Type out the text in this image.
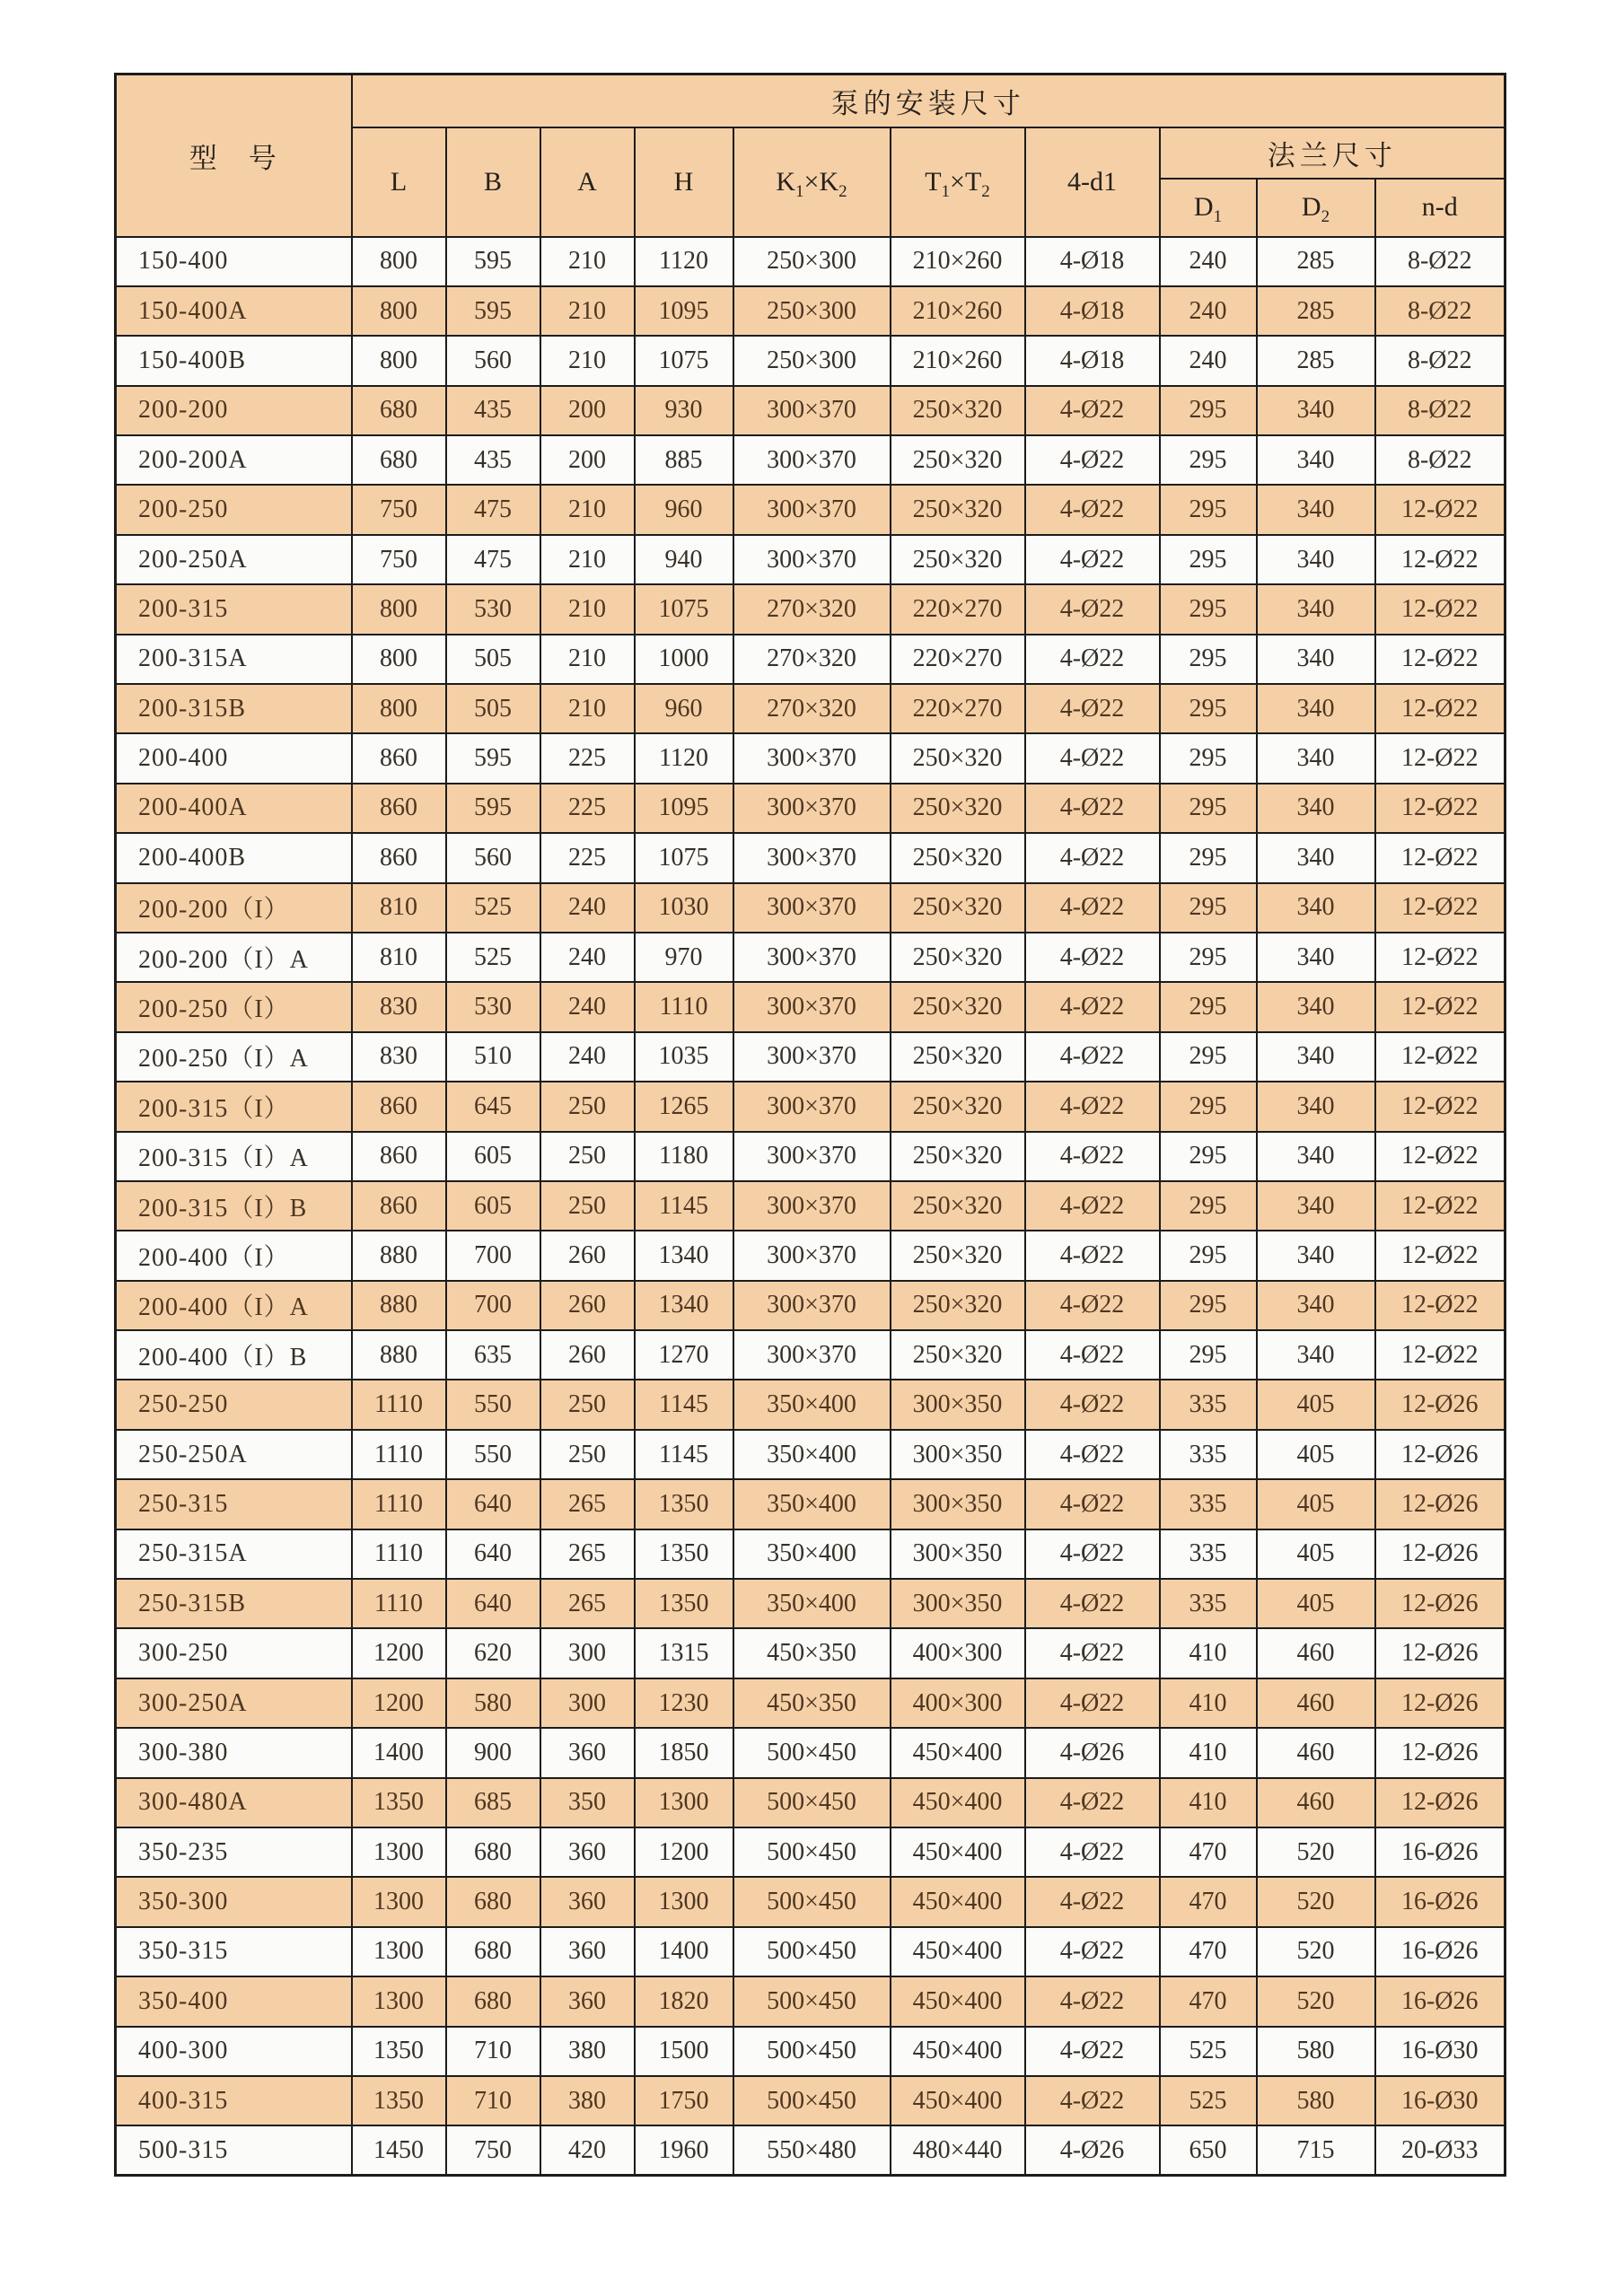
型　号	泵的安装尺寸									
	L	B	A	H	$K_1\times K_2$	$T_1\times T_2$	4-d1	法兰尺寸		
								$D_1$	$D_2$	n-d
150-400	800	595	210	1120	250×300	210×260	4-Ø18	240	285	8-Ø22
150-400A	800	595	210	1095	250×300	210×260	4-Ø18	240	285	8-Ø22
150-400B	800	560	210	1075	250×300	210×260	4-Ø18	240	285	8-Ø22
200-200	680	435	200	930	300×370	250×320	4-Ø22	295	340	8-Ø22
200-200A	680	435	200	885	300×370	250×320	4-Ø22	295	340	8-Ø22
200-250	750	475	210	960	300×370	250×320	4-Ø22	295	340	12-Ø22
200-250A	750	475	210	940	300×370	250×320	4-Ø22	295	340	12-Ø22
200-315	800	530	210	1075	270×320	220×270	4-Ø22	295	340	12-Ø22
200-315A	800	505	210	1000	270×320	220×270	4-Ø22	295	340	12-Ø22
200-315B	800	505	210	960	270×320	220×270	4-Ø22	295	340	12-Ø22
200-400	860	595	225	1120	300×370	250×320	4-Ø22	295	340	12-Ø22
200-400A	860	595	225	1095	300×370	250×320	4-Ø22	295	340	12-Ø22
200-400B	860	560	225	1075	300×370	250×320	4-Ø22	295	340	12-Ø22
200-200（I）	810	525	240	1030	300×370	250×320	4-Ø22	295	340	12-Ø22
200-200（I）A	810	525	240	970	300×370	250×320	4-Ø22	295	340	12-Ø22
200-250（I）	830	530	240	1110	300×370	250×320	4-Ø22	295	340	12-Ø22
200-250（I）A	830	510	240	1035	300×370	250×320	4-Ø22	295	340	12-Ø22
200-315（I）	860	645	250	1265	300×370	250×320	4-Ø22	295	340	12-Ø22
200-315（I）A	860	605	250	1180	300×370	250×320	4-Ø22	295	340	12-Ø22
200-315（I）B	860	605	250	1145	300×370	250×320	4-Ø22	295	340	12-Ø22
200-400（I）	880	700	260	1340	300×370	250×320	4-Ø22	295	340	12-Ø22
200-400（I）A	880	700	260	1340	300×370	250×320	4-Ø22	295	340	12-Ø22
200-400（I）B	880	635	260	1270	300×370	250×320	4-Ø22	295	340	12-Ø22
250-250	1110	550	250	1145	350×400	300×350	4-Ø22	335	405	12-Ø26
250-250A	1110	550	250	1145	350×400	300×350	4-Ø22	335	405	12-Ø26
250-315	1110	640	265	1350	350×400	300×350	4-Ø22	335	405	12-Ø26
250-315A	1110	640	265	1350	350×400	300×350	4-Ø22	335	405	12-Ø26
250-315B	1110	640	265	1350	350×400	300×350	4-Ø22	335	405	12-Ø26
300-250	1200	620	300	1315	450×350	400×300	4-Ø22	410	460	12-Ø26
300-250A	1200	580	300	1230	450×350	400×300	4-Ø22	410	460	12-Ø26
300-380	1400	900	360	1850	500×450	450×400	4-Ø26	410	460	12-Ø26
300-480A	1350	685	350	1300	500×450	450×400	4-Ø22	410	460	12-Ø26
350-235	1300	680	360	1200	500×450	450×400	4-Ø22	470	520	16-Ø26
350-300	1300	680	360	1300	500×450	450×400	4-Ø22	470	520	16-Ø26
350-315	1300	680	360	1400	500×450	450×400	4-Ø22	470	520	16-Ø26
350-400	1300	680	360	1820	500×450	450×400	4-Ø22	470	520	16-Ø26
400-300	1350	710	380	1500	500×450	450×400	4-Ø22	525	580	16-Ø30
400-315	1350	710	380	1750	500×450	450×400	4-Ø22	525	580	16-Ø30
500-315	1450	750	420	1960	550×480	480×440	4-Ø26	650	715	20-Ø33
